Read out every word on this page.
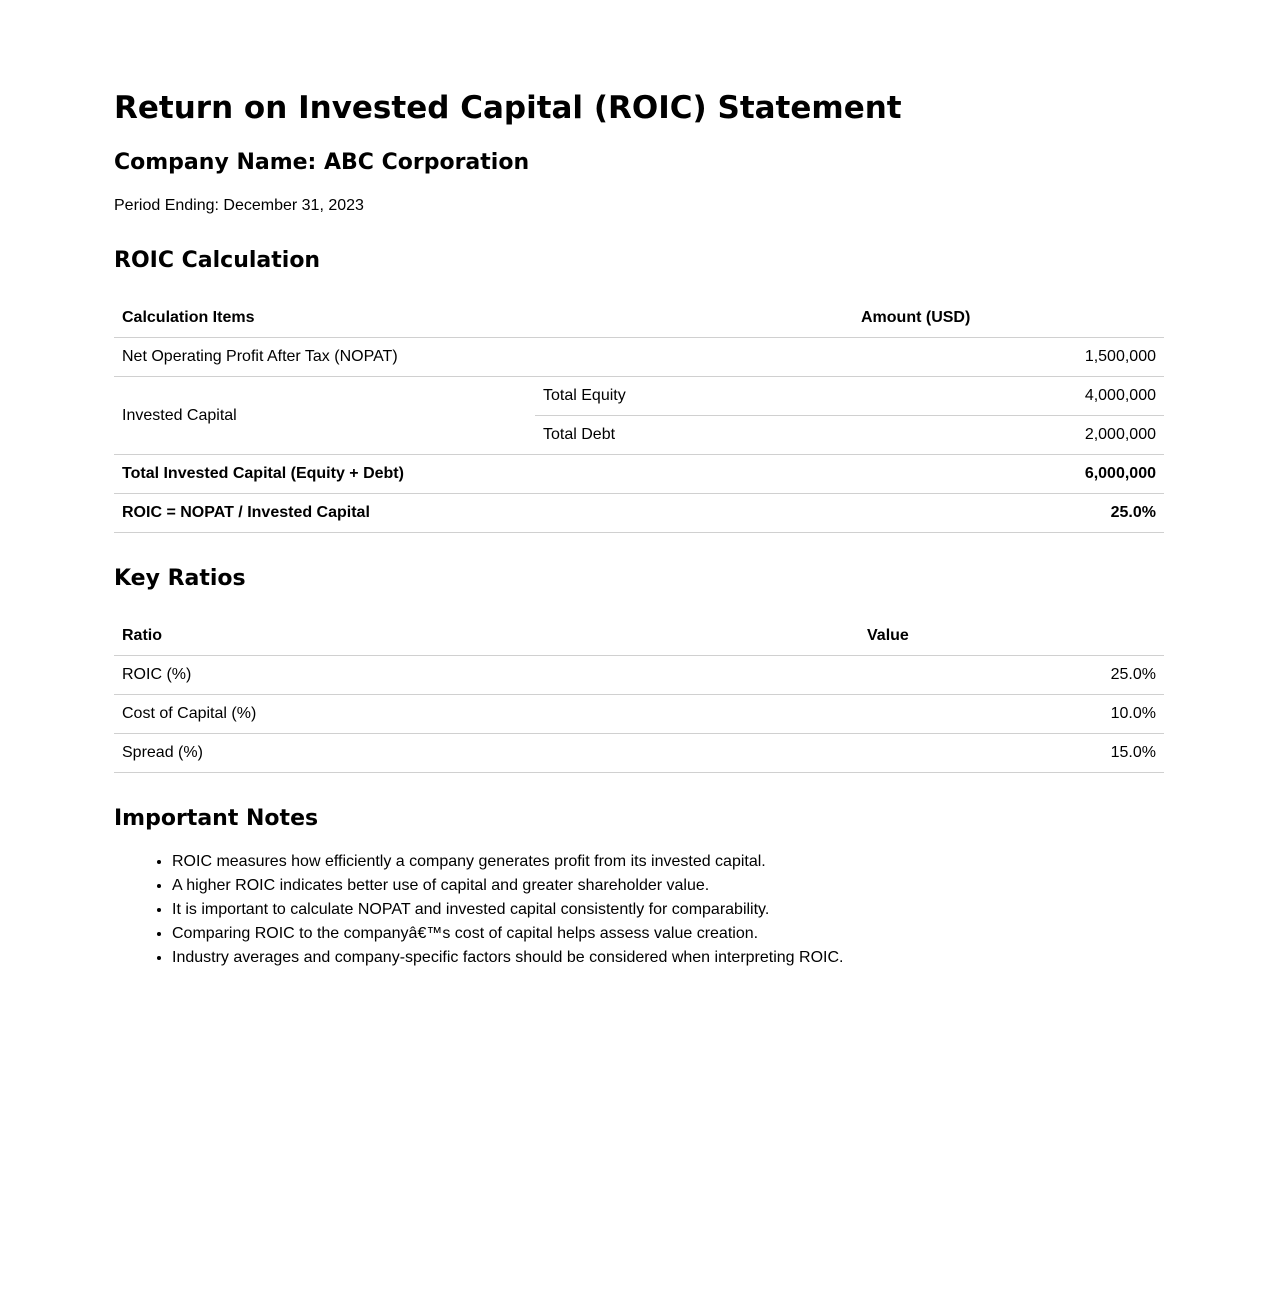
Return on Invested Capital (ROIC) Statement
Company Name: ABC Corporation
Period Ending: December 31, 2023
ROIC Calculation
Calculation Items		Amount (USD)
Net Operating Profit After Tax (NOPAT)		1,500,000
Invested Capital	Total Equity	4,000,000
	Total Debt	2,000,000
Total Invested Capital (Equity + Debt)		6,000,000
ROIC = NOPAT / Invested Capital		25.0%
Key Ratios
Ratio	Value
ROIC (%)	25.0%
Cost of Capital (%)	10.0%
Spread (%)	15.0%
Important Notes
• ROIC measures how efficiently a company generates profit from its invested capital.
• A higher ROIC indicates better use of capital and greater shareholder value.
• It is important to calculate NOPAT and invested capital consistently for comparability.
• Comparing ROIC to the companyâ€™s cost of capital helps assess value creation.
• Industry averages and company-specific factors should be considered when interpreting ROIC.
